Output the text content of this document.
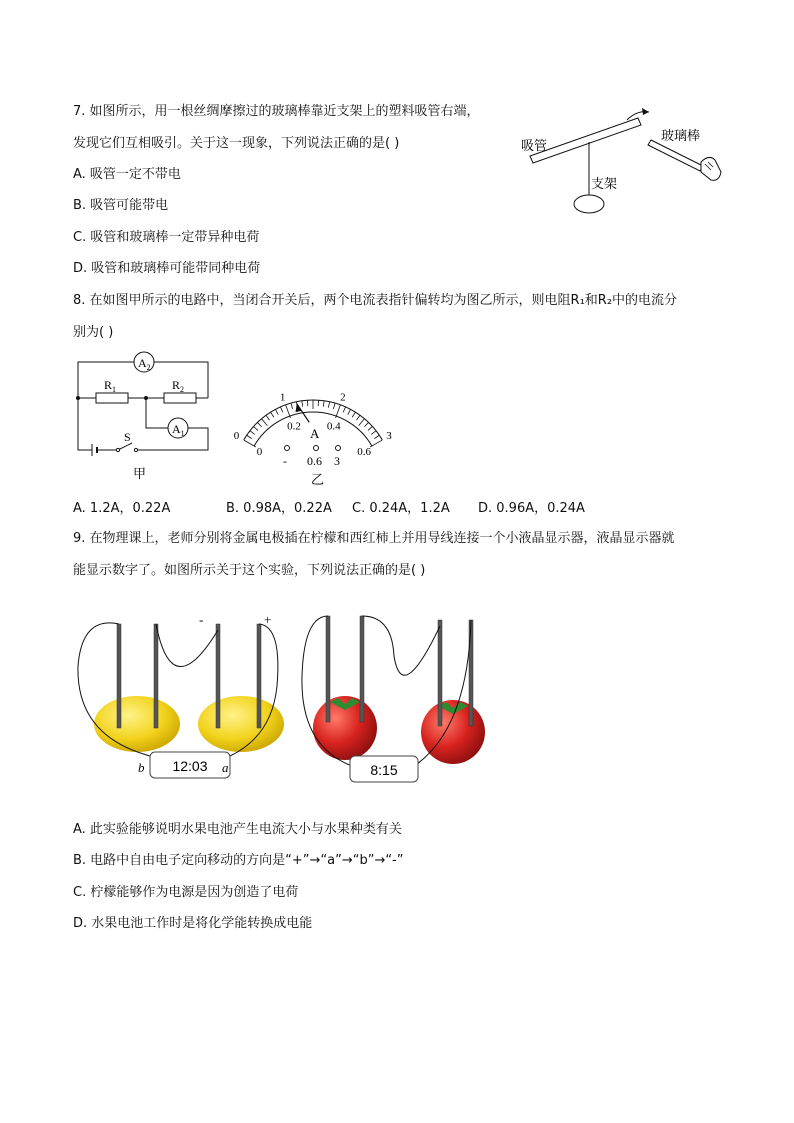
7. 如图所示，用一根丝绸摩擦过的玻璃棒靠近支架上的塑料吸管右端，
发现它们互相吸引。关于这一现象，下列说法正确的是( )
A. 吸管一定不带电
B. 吸管可能带电
C. 吸管和玻璃棒一定带异种电荷
D. 吸管和玻璃棒可能带同种电荷
吸管
玻璃棒
支架
8. 在如图甲所示的电路中，当闭合开关后，两个电流表指针偏转均为图乙所示，则电阻R₁和R₂中的电流分
别为( )
$A_2$
$A_1$
$R_1$	$R_2$
S
甲
0
1	2
3
0
0.2 0.4
0.6
A
- 0.6 3
乙
A. 1.2A，0.22A	B. 0.98A，0.22A C. 0.24A，1.2A D. 0.96A，0.24A
9. 在物理课上，老师分别将金属电极插在柠檬和西红柿上并用导线连接一个小液晶显示器，液晶显示器就
能显示数字了。如图所示关于这个实验，下列说法正确的是( )
12:03	8:15
b	a
-	+
A. 此实验能够说明水果电池产生电流大小与水果种类有关
B. 电路中自由电子定向移动的方向是“+”→“a”→“b”→“-”
C. 柠檬能够作为电源是因为创造了电荷
D. 水果电池工作时是将化学能转换成电能
